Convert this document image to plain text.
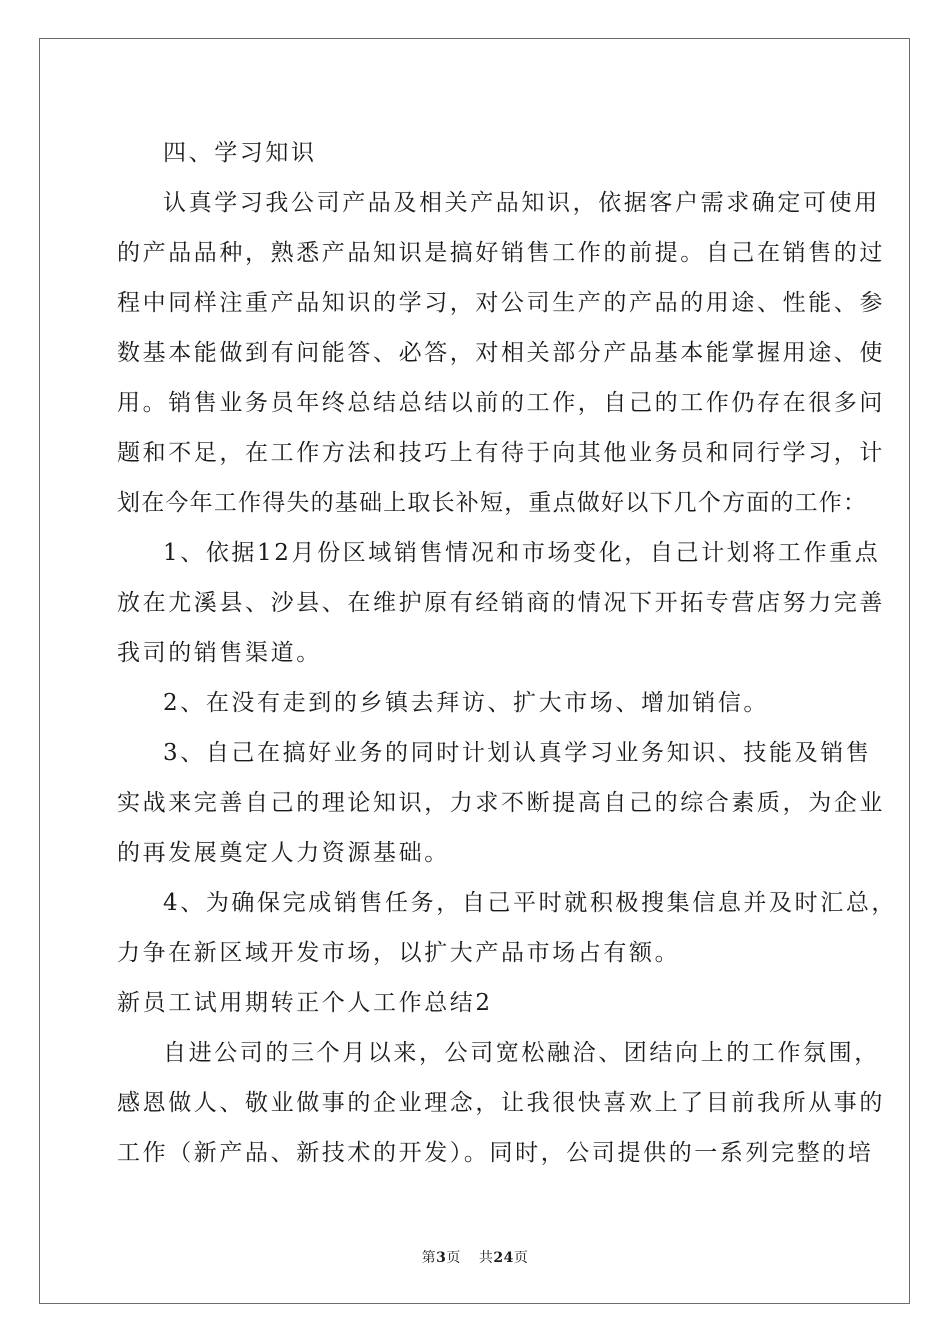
四、学习知识
认真学习我公司产品及相关产品知识，依据客户需求确定可使用
的产品品种，熟悉产品知识是搞好销售工作的前提。自己在销售的过
程中同样注重产品知识的学习，对公司生产的产品的用途、性能、参
数基本能做到有问能答、必答，对相关部分产品基本能掌握用途、使
用。销售业务员年终总结总结以前的工作，自己的工作仍存在很多问
题和不足，在工作方法和技巧上有待于向其他业务员和同行学习，计
划在今年工作得失的基础上取长补短，重点做好以下几个方面的工作：
1、依据12月份区域销售情况和市场变化，自己计划将工作重点
放在尤溪县、沙县、在维护原有经销商的情况下开拓专营店努力完善
我司的销售渠道。
2、在没有走到的乡镇去拜访、扩大市场、增加销信。
3、自己在搞好业务的同时计划认真学习业务知识、技能及销售
实战来完善自己的理论知识，力求不断提高自己的综合素质，为企业
的再发展奠定人力资源基础。
4、为确保完成销售任务，自己平时就积极搜集信息并及时汇总，
力争在新区域开发市场，以扩大产品市场占有额。
新员工试用期转正个人工作总结2
自进公司的三个月以来，公司宽松融洽、团结向上的工作氛围，
感恩做人、敬业做事的企业理念，让我很快喜欢上了目前我所从事的
工作（新产品、新技术的开发）。同时，公司提供的一系列完整的培
第3页 共24页
